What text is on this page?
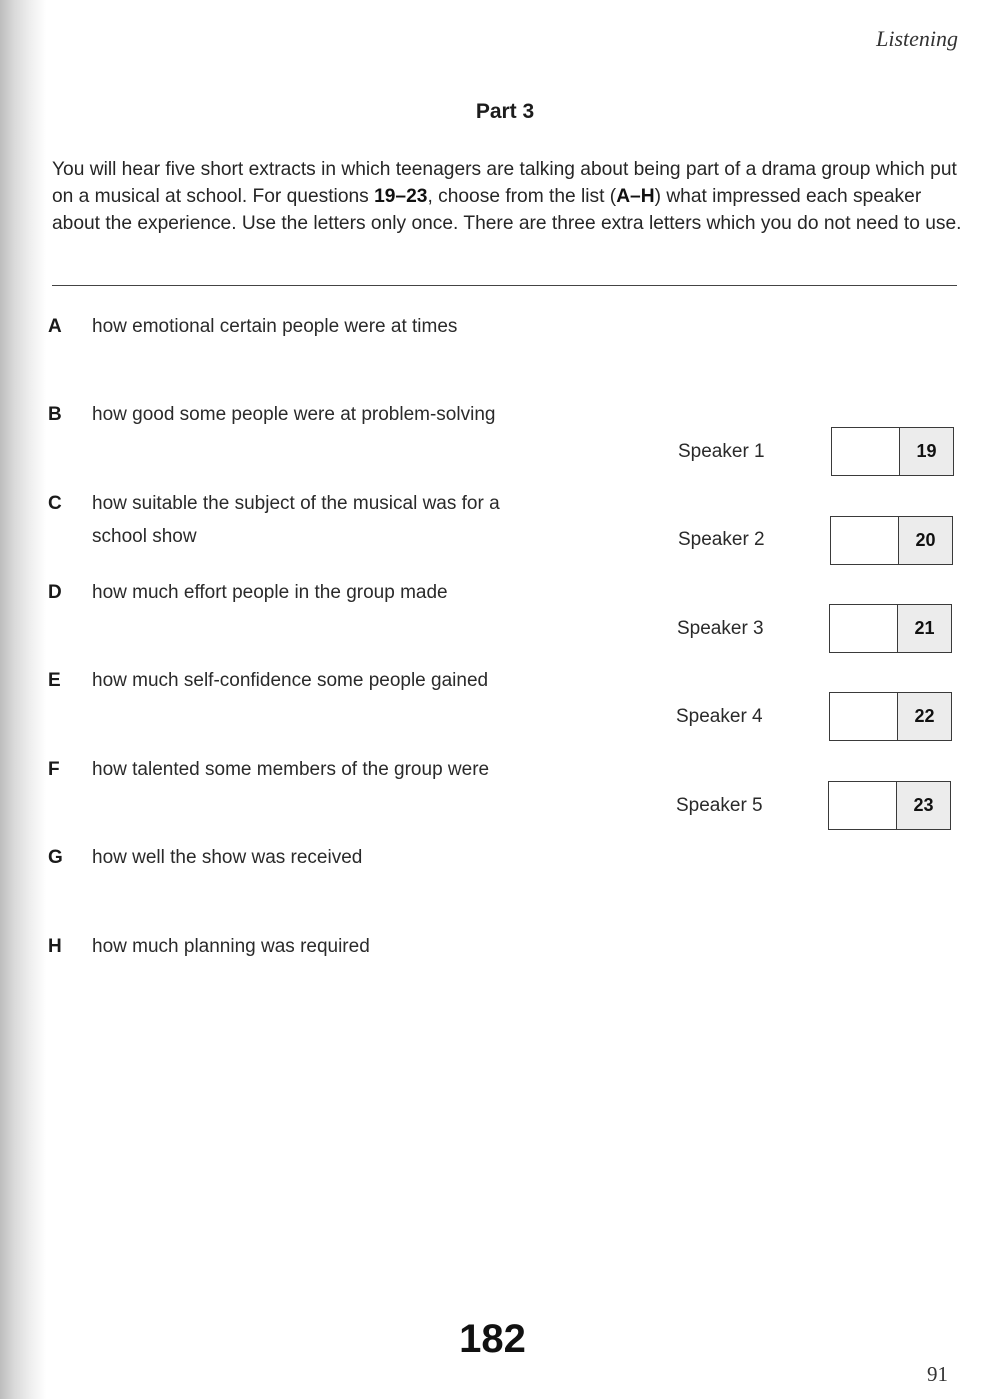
Listening
Part 3
You will hear five short extracts in which teenagers are talking about being part of a drama group which put on a musical at school. For questions 19–23, choose from the list (A–H) what impressed each speaker about the experience. Use the letters only once. There are three extra letters which you do not need to use.
A how emotional certain people were at times
B how good some people were at problem-solving
C how suitable the subject of the musical was for a school show
D how much effort people in the group made
E how much self-confidence some people gained
F how talented some members of the group were
G how well the show was received
H how much planning was required
Speaker 1	19
Speaker 2	20
Speaker 3	21
Speaker 4	22
Speaker 5	23
182
91
